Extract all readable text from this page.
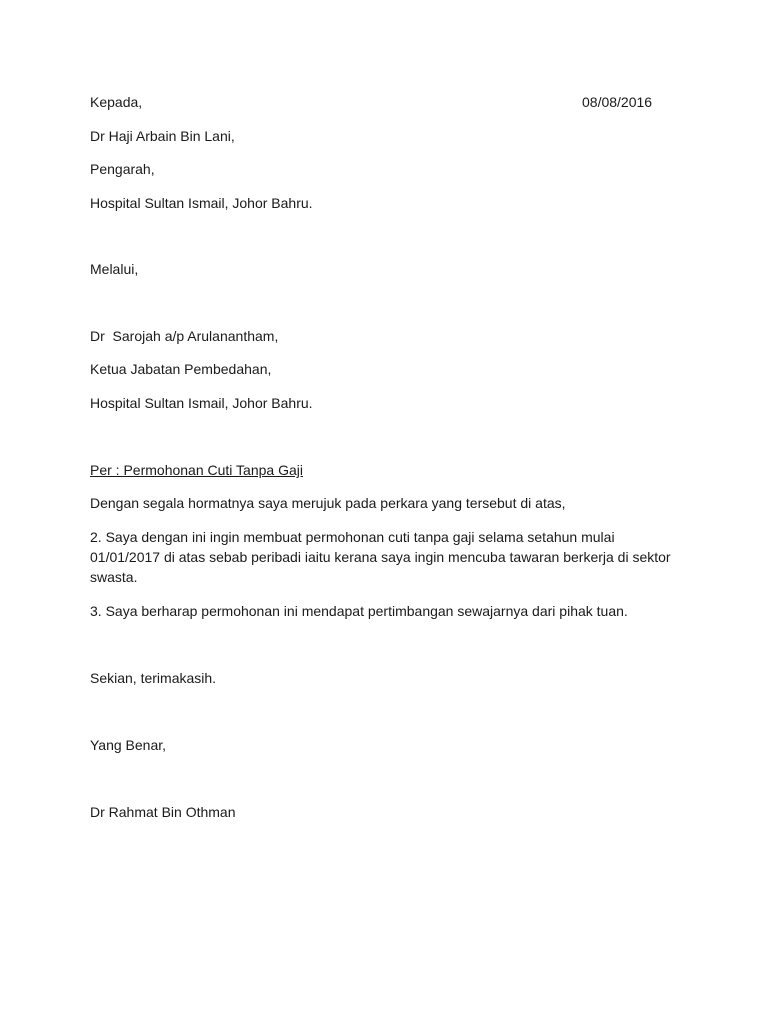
Kepada,	08/08/2016
Dr Haji Arbain Bin Lani,
Pengarah,
Hospital Sultan Ismail, Johor Bahru.
Melalui,
Dr  Sarojah a/p Arulanantham,
Ketua Jabatan Pembedahan,
Hospital Sultan Ismail, Johor Bahru.
Per : Permohonan Cuti Tanpa Gaji
Dengan segala hormatnya saya merujuk pada perkara yang tersebut di atas,
2. Saya dengan ini ingin membuat permohonan cuti tanpa gaji selama setahun mulai 01/01/2017 di atas sebab peribadi iaitu kerana saya ingin mencuba tawaran berkerja di sektor swasta.
3. Saya berharap permohonan ini mendapat pertimbangan sewajarnya dari pihak tuan.
Sekian, terimakasih.
Yang Benar,
Dr Rahmat Bin Othman
